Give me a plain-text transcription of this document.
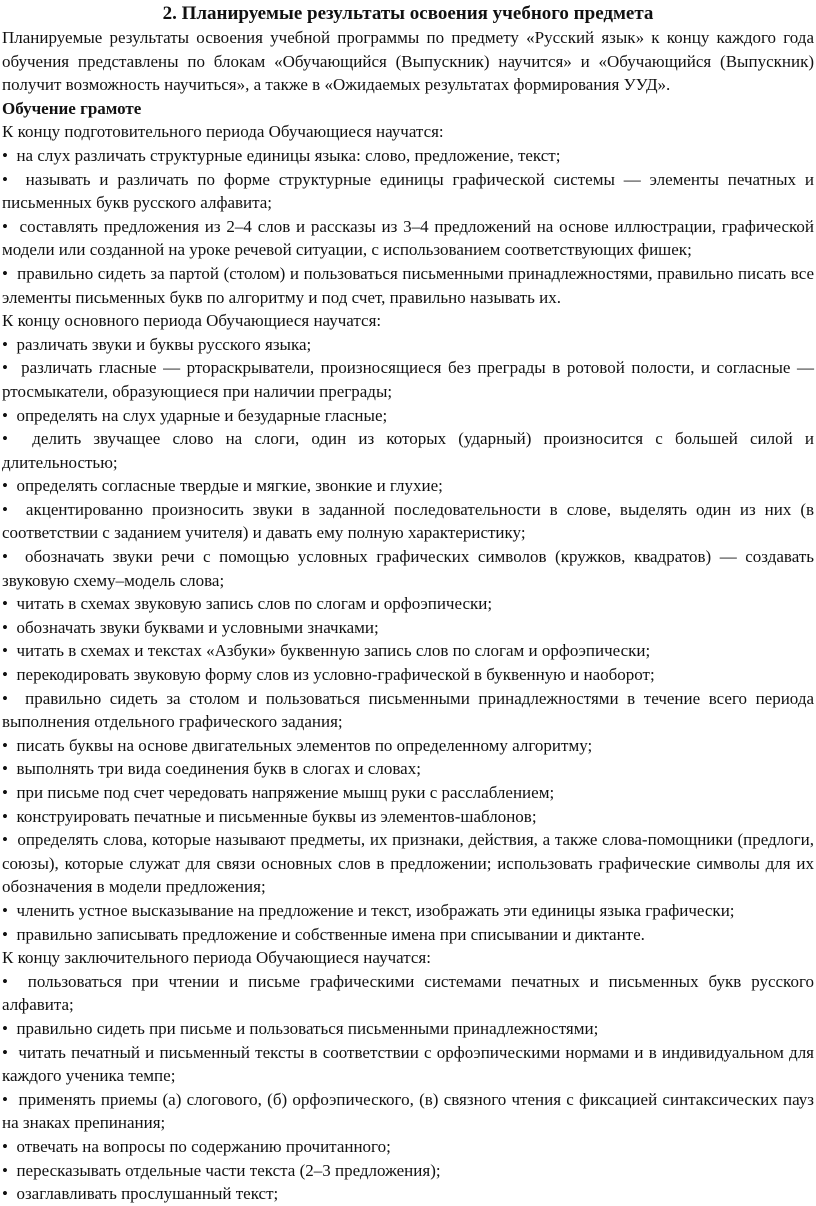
2. Планируемые результаты освоения учебного предмета

Планируемые результаты освоения учебной программы по предмету «Русский язык» к концу каждого года обучения представлены по блокам «Обучающийся (Выпускник) научится» и «Обучающийся (Выпускник) получит возможность научиться», а также в «Ожидаемых результатах формирования УУД».

Обучение грамоте

К концу подготовительного периода Обучающиеся научатся:

•  на слух различать структурные единицы языка: слово, предложение, текст;

•  называть и различать по форме структурные единицы графической системы — элементы печатных и письменных букв русского алфавита;

•  составлять предложения из 2–4 слов и рассказы из 3–4 предложений на основе иллюстрации, графической модели или созданной на уроке речевой ситуации, с использованием соответствующих фишек;

•  правильно сидеть за партой (столом) и пользоваться письменными принадлежностями, правильно писать все элементы письменных букв по алгоритму и под счет, правильно называть их.

К концу основного периода Обучающиеся научатся:

•  различать звуки и буквы русского языка;

•  различать гласные — ртораскрыватели, произносящиеся без преграды в ротовой полости, и согласные — ртосмыкатели, образующиеся при наличии преграды;

•  определять на слух ударные и безударные гласные;

•  делить звучащее слово на слоги, один из которых (ударный) произносится с большей силой и длительностью;

•  определять согласные твердые и мягкие, звонкие и глухие;

•  акцентированно произносить звуки в заданной последовательности в слове, выделять один из них (в соответствии с заданием учителя) и давать ему полную характеристику;

•  обозначать звуки речи с помощью условных графических символов (кружков, квадратов) — создавать звуковую схему–модель слова;

•  читать в схемах звуковую запись слов по слогам и орфоэпически;

•  обозначать звуки буквами и условными значками;

•  читать в схемах и текстах «Азбуки» буквенную запись слов по слогам и орфоэпически;

•  перекодировать звуковую форму слов из условно-графической в буквенную и наоборот;

•  правильно сидеть за столом и пользоваться письменными принадлежностями в течение всего периода выполнения отдельного графического задания;

•  писать буквы на основе двигательных элементов по определенному алгоритму;

•  выполнять три вида соединения букв в слогах и словах;

•  при письме под счет чередовать напряжение мышц руки с расслаблением;

•  конструировать печатные и письменные буквы из элементов-шаблонов;

•  определять слова, которые называют предметы, их признаки, действия, а также слова-помощники (предлоги, союзы), которые служат для связи основных слов в предложении; использовать графические символы для их обозначения в модели предложения;

•  членить устное высказывание на предложение и текст, изображать эти единицы языка графически;

•  правильно записывать предложение и собственные имена при списывании и диктанте.

К концу заключительного периода Обучающиеся научатся:

•  пользоваться при чтении и письме графическими системами печатных и письменных букв русского алфавита;

•  правильно сидеть при письме и пользоваться письменными принадлежностями;

•  читать печатный и письменный тексты в соответствии с орфоэпическими нормами и в индивидуальном для каждого ученика темпе;

•  применять приемы (а) слогового, (б) орфоэпического, (в) связного чтения с фиксацией синтаксических пауз на знаках препинания;

•  отвечать на вопросы по содержанию прочитанного;

•  пересказывать отдельные части текста (2–3 предложения);

•  озаглавливать прослушанный текст;
